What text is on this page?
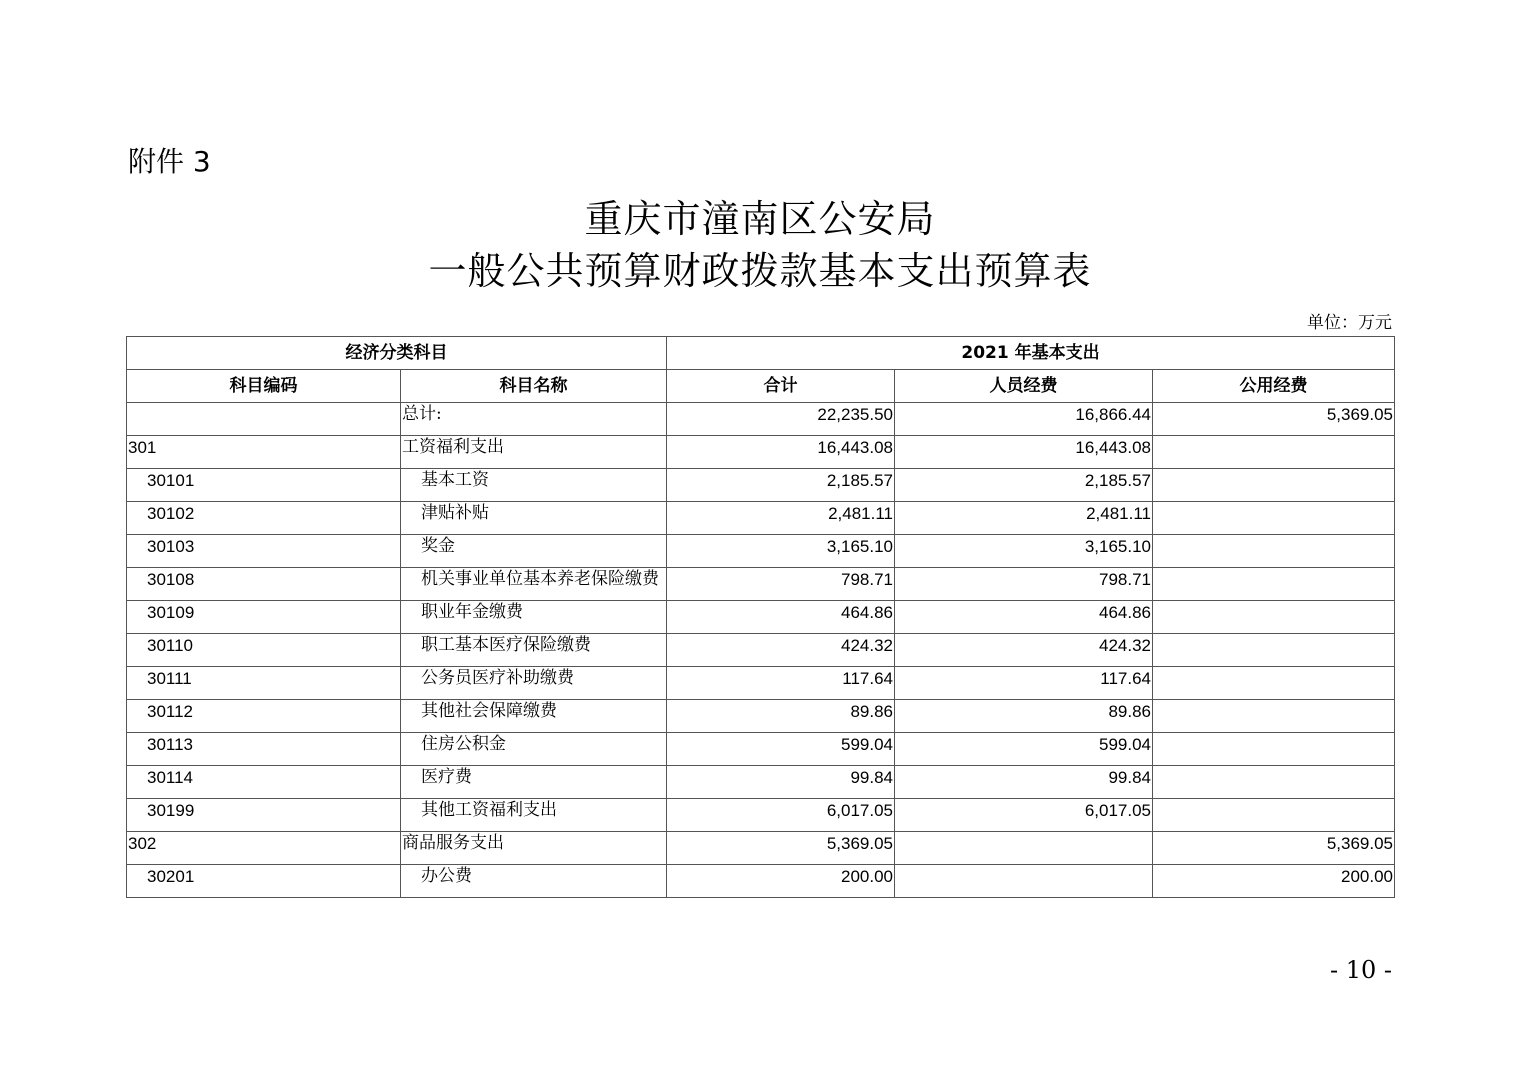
附件 3
重庆市潼南区公安局
一般公共预算财政拨款基本支出预算表
单位：万元
经济分类科目		2021 年基本支出		
科目编码	科目名称	合计	人员经费	公用经费
	总计:	22,235.50	16,866.44	5,369.05
301	工资福利支出	16,443.08	16,443.08	
30101	基本工资	2,185.57	2,185.57	
30102	津贴补贴	2,481.11	2,481.11	
30103	奖金	3,165.10	3,165.10	
30108	机关事业单位基本养老保险缴费	798.71	798.71	
30109	职业年金缴费	464.86	464.86	
30110	职工基本医疗保险缴费	424.32	424.32	
30111	公务员医疗补助缴费	117.64	117.64	
30112	其他社会保障缴费	89.86	89.86	
30113	住房公积金	599.04	599.04	
30114	医疗费	99.84	99.84	
30199	其他工资福利支出	6,017.05	6,017.05	
302	商品服务支出	5,369.05		5,369.05
30201	办公费	200.00		200.00
- 10 -
